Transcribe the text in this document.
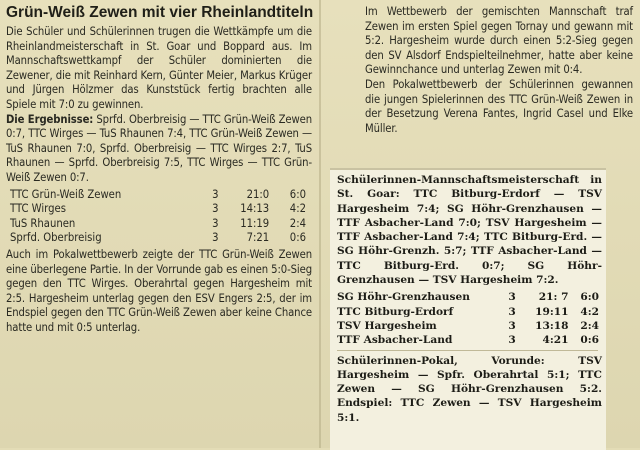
Grün-Weiß Zewen mit vier Rheinlandtiteln

Die Schüler und Schülerinnen trugen die Wettkämpfe um die Rheinlandmeisterschaft in St. Goar und Boppard aus. Im Mannschaftswettkampf der Schüler dominierten die Zewener, die mit Reinhard Kern, Günter Meier, Markus Krüger und Jürgen Hölzmer das Kunststück fertig brachten alle Spiele mit 7:0 zu gewinnen.

Die Ergebnisse: Sprfd. Oberbreisig — TTC Grün-Weiß Zewen 0:7, TTC Wirges — TuS Rhaunen 7:4, TTC Grün-Weiß Zewen — TuS Rhaunen 7:0, Sprfd. Oberbreisig — TTC Wirges 2:7, TuS Rhaunen — Sprfd. Oberbreisig 7:5, TTC Wirges — TTC Grün-Weiß Zewen 0:7.

TTC Grün-Weiß Zewen	3	21:0	6:0
TTC Wirges	3	14:13	4:2
TuS Rhaunen	3	11:19	2:4
Sprfd. Oberbreisig	3	7:21	0:6

Auch im Pokalwettbewerb zeigte der TTC Grün-Weiß Zewen eine überlegene Partie. In der Vorrunde gab es einen 5:0-Sieg gegen den TTC Wirges. Oberahrtal gegen Hargesheim mit 2:5. Hargesheim unterlag gegen den ESV Engers 2:5, der im Endspiel gegen den TTC Grün-Weiß Zewen aber keine Chance hatte und mit 0:5 unterlag.

Im Wettbewerb der gemischten Mannschaft traf Zewen im ersten Spiel gegen Tornay und gewann mit 5:2. Hargesheim wurde durch einen 5:2-Sieg gegen den SV Alsdorf Endspielteilnehmer, hatte aber keine Gewinnchance und unterlag Zewen mit 0:4.

Den Pokalwettbewerb der Schülerinnen gewannen die jungen Spielerinnen des TTC Grün-Weiß Zewen in der Besetzung Verena Fantes, Ingrid Casel und Elke Müller.

Schülerinnen-Mannschaftsmeisterschaft in St. Goar: TTC Bitburg-Erdorf — TSV Hargesheim 7:4; SG Höhr-Grenzhausen — TTF Asbacher-Land 7:0; TSV Hargesheim — TTF Asbacher-Land 7:4; TTC Bitburg-Erd. — SG Höhr-Grenzh. 5:7; TTF Asbacher-Land — TTC Bitburg-Erd. 0:7; SG Höhr-Grenzhausen — TSV Hargesheim 7:2.

SG Höhr-Grenzhausen	3	21: 7	6:0
TTC Bitburg-Erdorf	3	19:11	4:2
TSV Hargesheim	3	13:18	2:4
TTF Asbacher-Land	3	4:21	0:6

Schülerinnen-Pokal, Vorunde: TSV Hargesheim — Spfr. Oberahrtal 5:1; TTC Zewen — SG Höhr-Grenzhausen 5:2. Endspiel: TTC Zewen — TSV Hargesheim 5:1.
